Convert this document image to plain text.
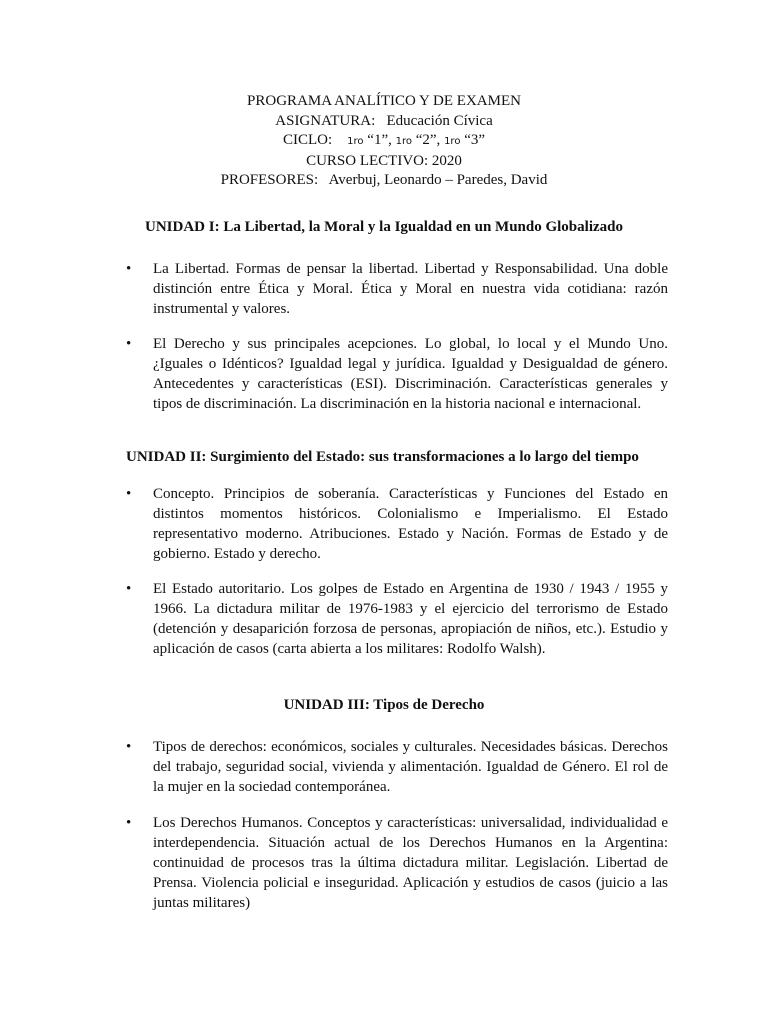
PROGRAMA ANALÍTICO Y DE EXAMEN
ASIGNATURA:   Educación Cívica
CICLO:    1ro “1”, 1ro “2”, 1ro “3”
CURSO LECTIVO: 2020
PROFESORES:   Averbuj, Leonardo – Paredes, David
UNIDAD I: La Libertad, la Moral y la Igualdad en un Mundo Globalizado
•	La Libertad. Formas de pensar la libertad. Libertad y Responsabilidad. Una doble distinción entre Ética y Moral. Ética y Moral en nuestra vida cotidiana: razón instrumental y valores.
•	El Derecho y sus principales acepciones. Lo global, lo local y el Mundo Uno. ¿Iguales o Idénticos? Igualdad legal y jurídica. Igualdad y Desigualdad de género. Antecedentes y características (ESI). Discriminación. Características generales y tipos de discriminación. La discriminación en la historia nacional e internacional.
UNIDAD II: Surgimiento del Estado: sus transformaciones a lo largo del tiempo
•	Concepto. Principios de soberanía. Características y Funciones del Estado en distintos momentos históricos. Colonialismo e Imperialismo. El Estado representativo moderno. Atribuciones. Estado y Nación. Formas de Estado y de gobierno. Estado y derecho.
•	El Estado autoritario. Los golpes de Estado en Argentina de 1930 / 1943 / 1955 y 1966. La dictadura militar de 1976-1983 y el ejercicio del terrorismo de Estado (detención y desaparición forzosa de personas, apropiación de niños, etc.). Estudio y aplicación de casos (carta abierta a los militares: Rodolfo Walsh).
UNIDAD III: Tipos de Derecho
•	Tipos de derechos: económicos, sociales y culturales. Necesidades básicas. Derechos del trabajo, seguridad social, vivienda y alimentación. Igualdad de Género. El rol de la mujer en la sociedad contemporánea.
•	Los Derechos Humanos. Conceptos y características: universalidad, individualidad e interdependencia. Situación actual de los Derechos Humanos en la Argentina: continuidad de procesos tras la última dictadura militar. Legislación. Libertad de Prensa. Violencia policial e inseguridad. Aplicación y estudios de casos (juicio a las juntas militares)
